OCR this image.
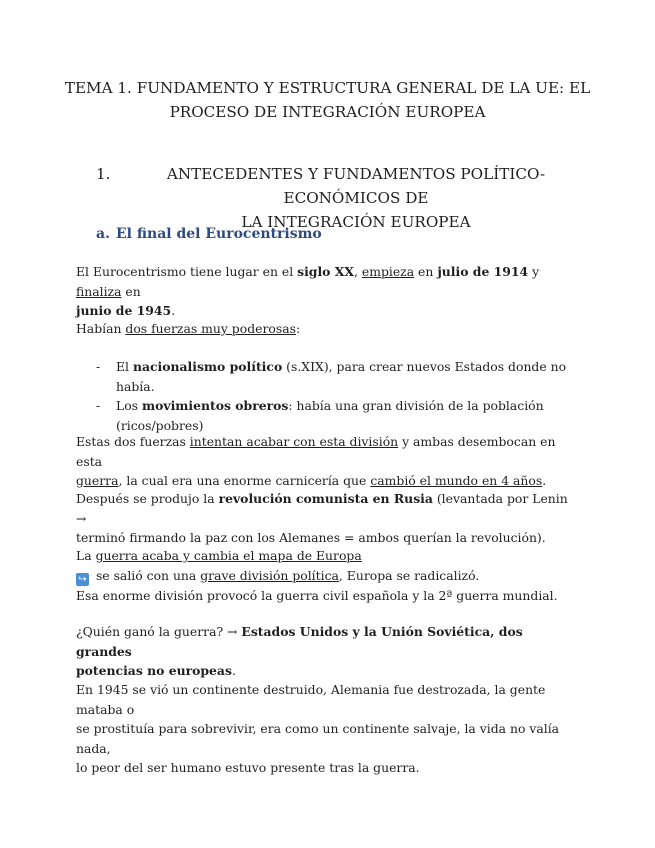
TEMA 1. FUNDAMENTO Y ESTRUCTURA GENERAL DE LA UE: EL
PROCESO DE INTEGRACIÓN EUROPEA
1.	ANTECEDENTES Y FUNDAMENTOS POLÍTICO-ECONÓMICOS DE
LA INTEGRACIÓN EUROPEA
a. El final del Eurocentrismo

El Eurocentrismo tiene lugar en el siglo XX, empieza en julio de 1914 y finaliza en
junio de 1945.

Habían dos fuerzas muy poderosas:

- El nacionalismo político (s.XIX), para crear nuevos Estados donde no había.
- Los movimientos obreros: había una gran división de la población
(ricos/pobres)

Estas dos fuerzas intentan acabar con esta división y ambas desembocan en esta
guerra, la cual era una enorme carnicería que cambió el mundo en 4 años.

Después se produjo la revolución comunista en Rusia (levantada por Lenin →
terminó firmando la paz con los Alemanes = ambos querían la revolución).

La guerra acaba y cambia el mapa de Europa
↪ se salió con una grave división política, Europa se radicalizó.
Esa enorme división provocó la guerra civil española y la 2ª guerra mundial.

¿Quién ganó la guerra? → Estados Unidos y la Unión Soviética, dos grandes
potencias no europeas.

En 1945 se vió un continente destruido, Alemania fue destrozada, la gente mataba o
se prostituía para sobrevivir, era como un continente salvaje, la vida no valía nada,
lo peor del ser humano estuvo presente tras la guerra.
